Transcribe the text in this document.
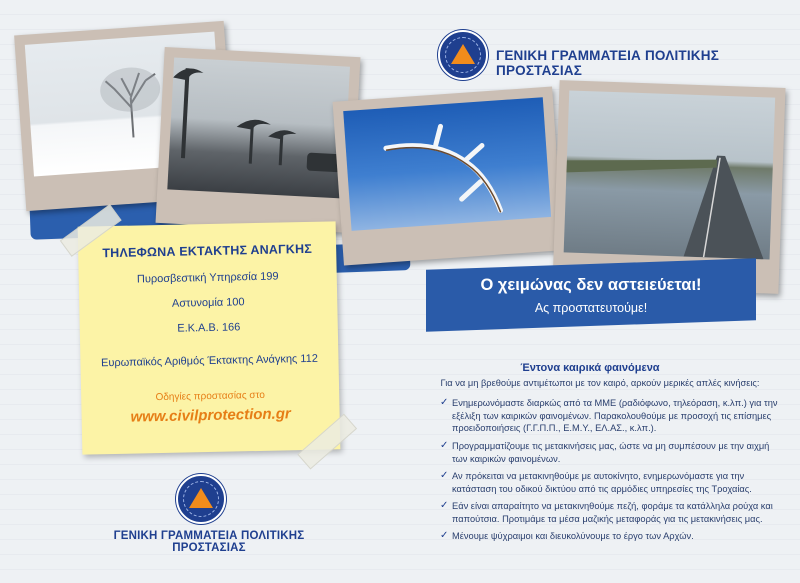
ΓΕΝΙΚΗ ΓΡΑΜΜΑΤΕΙΑ ΠΟΛΙΤΙΚΗΣ ΠΡΟΣΤΑΣΙΑΣ
ΤΗΛΕΦΩΝΑ ΕΚΤΑΚΤΗΣ ΑΝΑΓΚΗΣ
Πυροσβεστική Υπηρεσία 199
Αστυνομία 100
Ε.Κ.Α.Β. 166
Ευρωπαϊκός Αριθμός Έκτακτης Ανάγκης 112
Οδηγίες προστασίας στο
www.civilprotection.gr
Ο χειμώνας δεν αστειεύεται!
Ας προστατευτούμε!
Έντονα καιρικά φαινόμενα
Για να μη βρεθούμε αντιμέτωποι με τον καιρό, αρκούν μερικές απλές κινήσεις:
✓ Ενημερωνόμαστε διαρκώς από τα ΜΜΕ (ραδιόφωνο, τηλεόραση, κ.λπ.) για την εξέλιξη των καιρικών φαινομένων. Παρακολουθούμε με προσοχή τις επίσημες προειδοποιήσεις (Γ.Γ.Π.Π., Ε.Μ.Υ., ΕΛ.ΑΣ., κ.λπ.).
✓ Προγραμματίζουμε τις μετακινήσεις μας, ώστε να μη συμπέσουν με την αιχμή των καιρικών φαινομένων.
✓ Αν πρόκειται να μετακινηθούμε με αυτοκίνητο, ενημερωνόμαστε για την κατάσταση του οδικού δικτύου από τις αρμόδιες υπηρεσίες της Τροχαίας.
✓ Εάν είναι απαραίτητο να μετακινηθούμε πεζή, φοράμε τα κατάλληλα ρούχα και παπούτσια. Προτιμάμε τα μέσα μαζικής μεταφοράς για τις μετακινήσεις μας.
✓ Μένουμε ψύχραιμοι και διευκολύνουμε το έργο των Αρχών.
ΓΕΝΙΚΗ ΓΡΑΜΜΑΤΕΙΑ ΠΟΛΙΤΙΚΗΣ ΠΡΟΣΤΑΣΙΑΣ
